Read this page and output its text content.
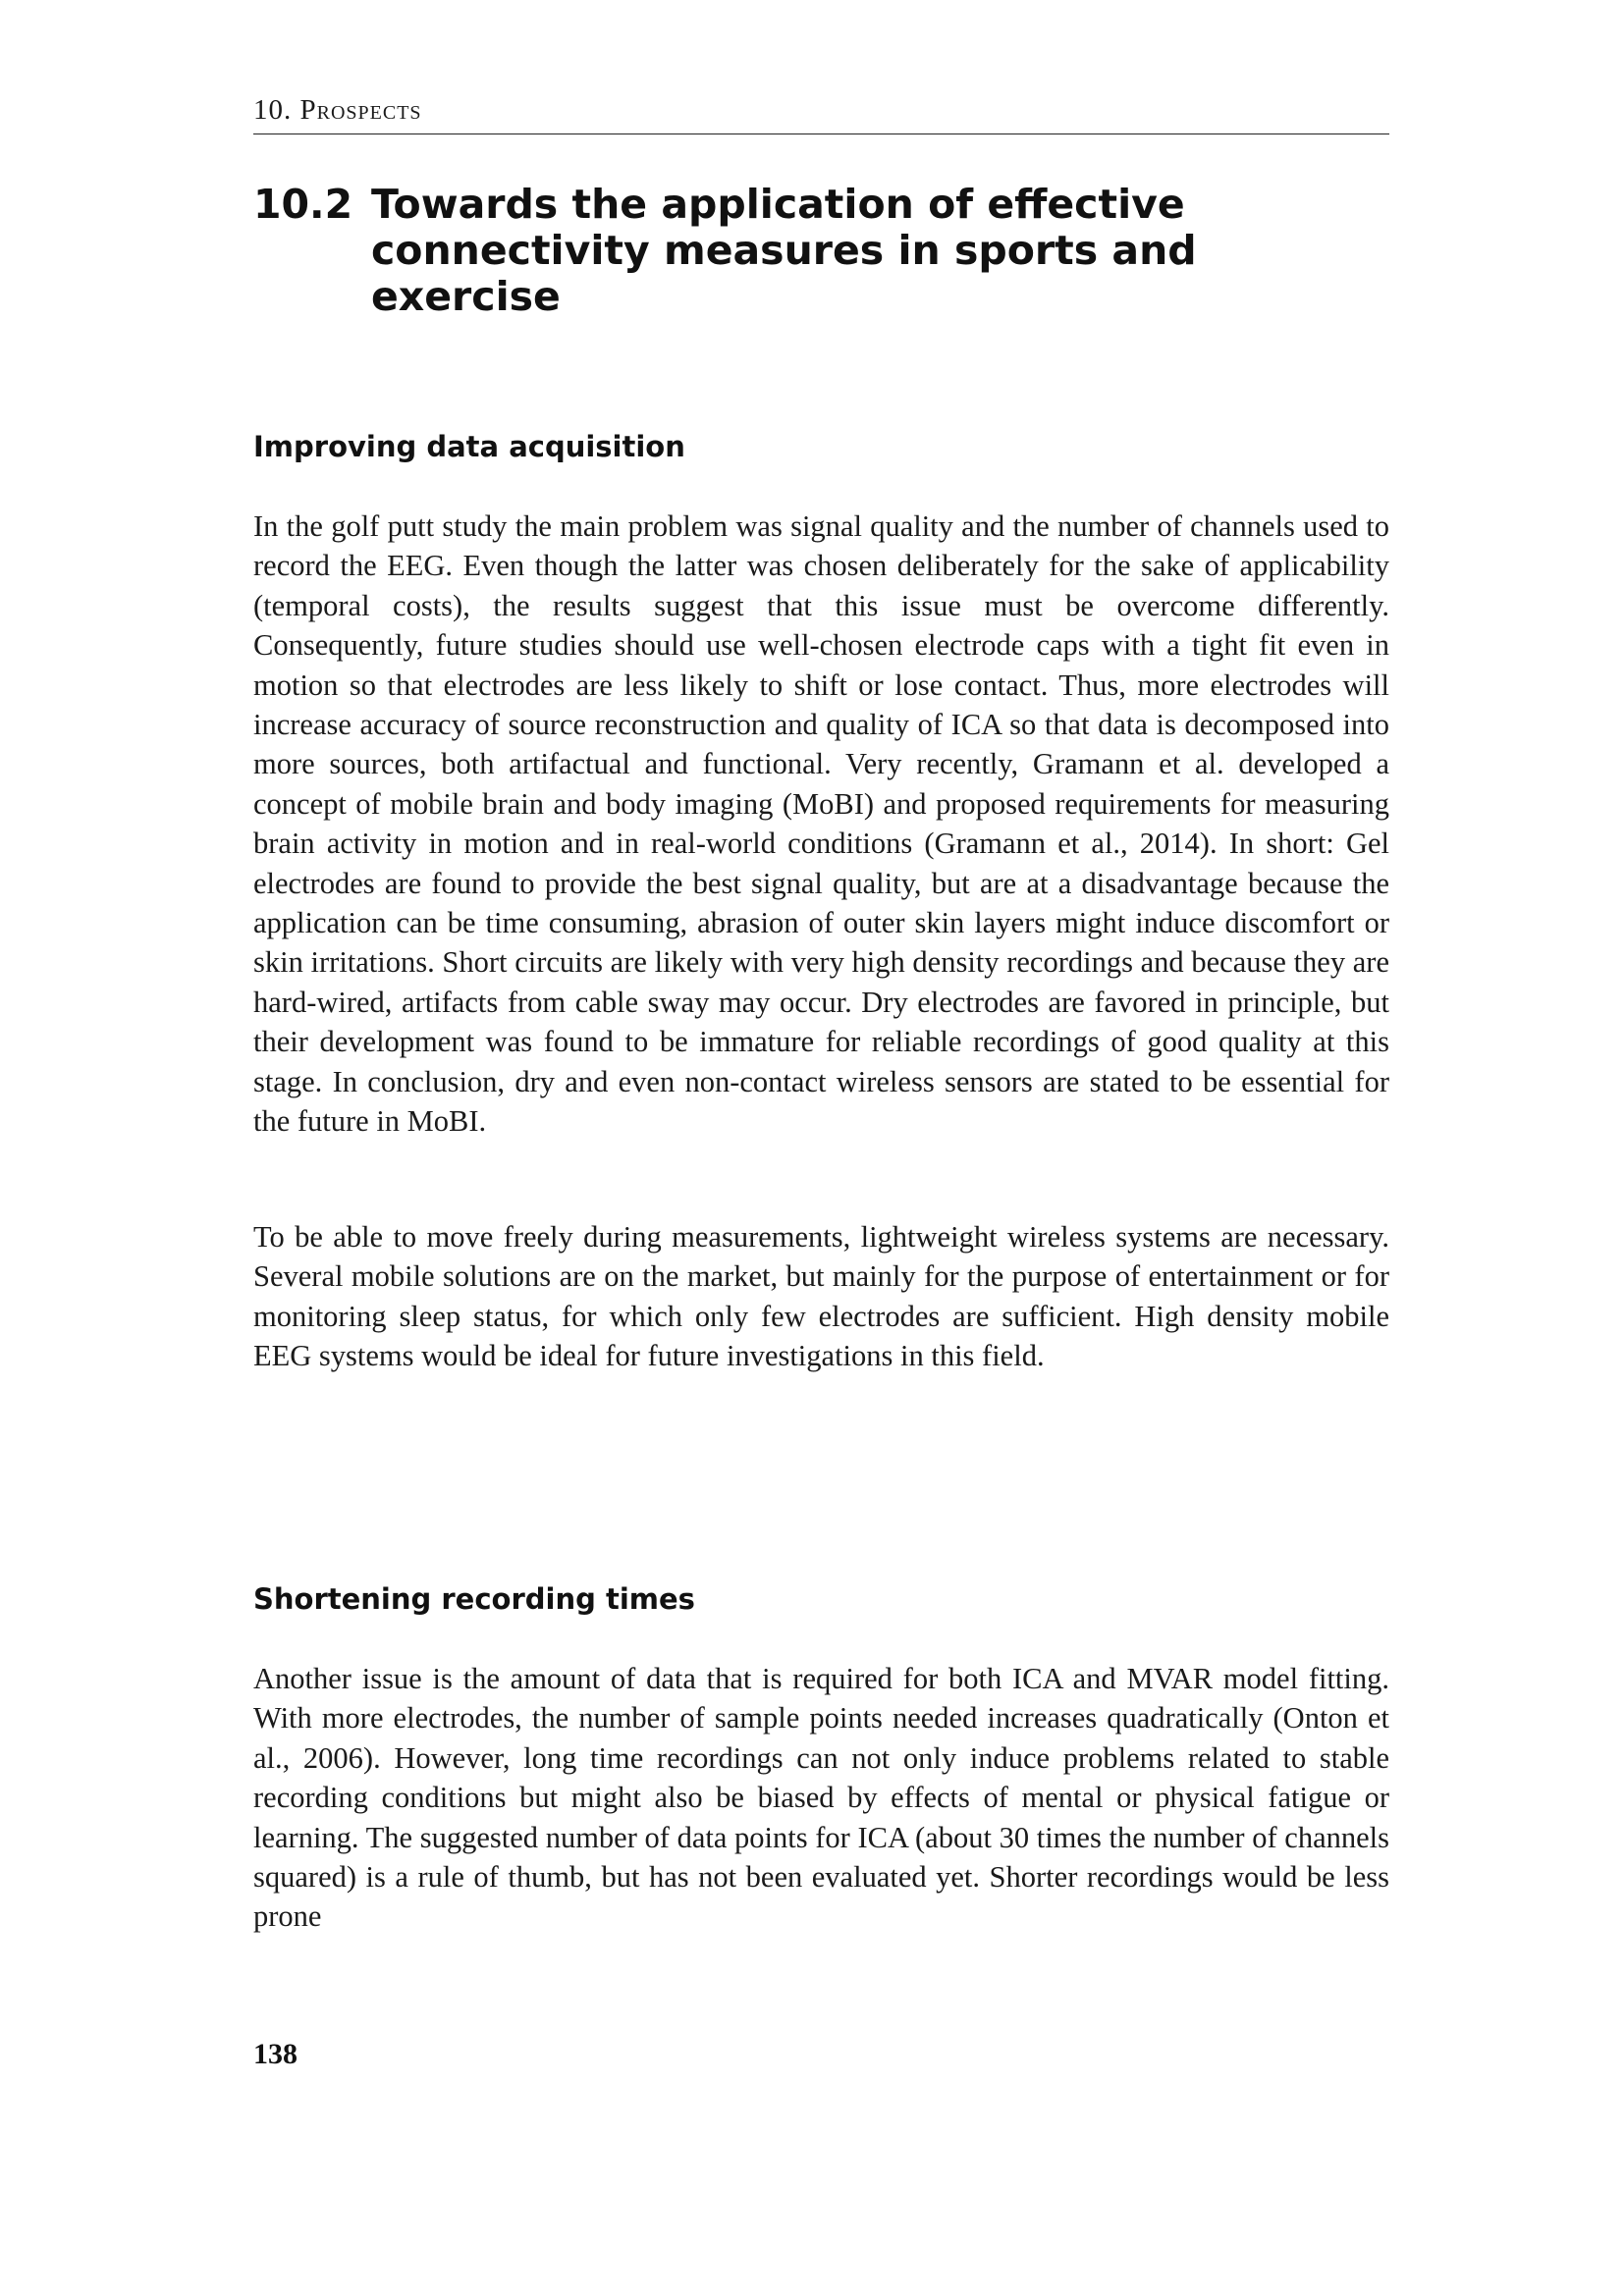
10. Prospects
10.2 Towards the application of effective connectivity measures in sports and exercise
Improving data acquisition

In the golf putt study the main problem was signal quality and the number of channels used to record the EEG. Even though the latter was chosen deliberately for the sake of applicability (temporal costs), the results suggest that this issue must be overcome differently. Consequently, future studies should use well-chosen electrode caps with a tight fit even in motion so that electrodes are less likely to shift or lose contact. Thus, more electrodes will increase accuracy of source reconstruction and quality of ICA so that data is decomposed into more sources, both artifactual and functional. Very recently, Gramann et al. developed a concept of mobile brain and body imaging (MoBI) and proposed requirements for measuring brain activity in motion and in real-world conditions (Gramann et al., 2014). In short: Gel electrodes are found to provide the best signal quality, but are at a disadvantage because the application can be time consuming, abrasion of outer skin layers might induce discomfort or skin irritations. Short circuits are likely with very high density recordings and because they are hard-wired, artifacts from cable sway may occur. Dry electrodes are favored in principle, but their development was found to be immature for reliable recordings of good quality at this stage. In conclusion, dry and even non-contact wireless sensors are stated to be essential for the future in MoBI.

To be able to move freely during measurements, lightweight wireless systems are necessary. Several mobile solutions are on the market, but mainly for the purpose of entertainment or for monitoring sleep status, for which only few electrodes are sufficient. High density mobile EEG systems would be ideal for future investigations in this field.

Shortening recording times

Another issue is the amount of data that is required for both ICA and MVAR model fitting. With more electrodes, the number of sample points needed increases quadratically (Onton et al., 2006). However, long time recordings can not only induce problems related to stable recording conditions but might also be biased by effects of mental or physical fatigue or learning. The suggested number of data points for ICA (about 30 times the number of channels squared) is a rule of thumb, but has not been evaluated yet. Shorter recordings would be less prone

138
